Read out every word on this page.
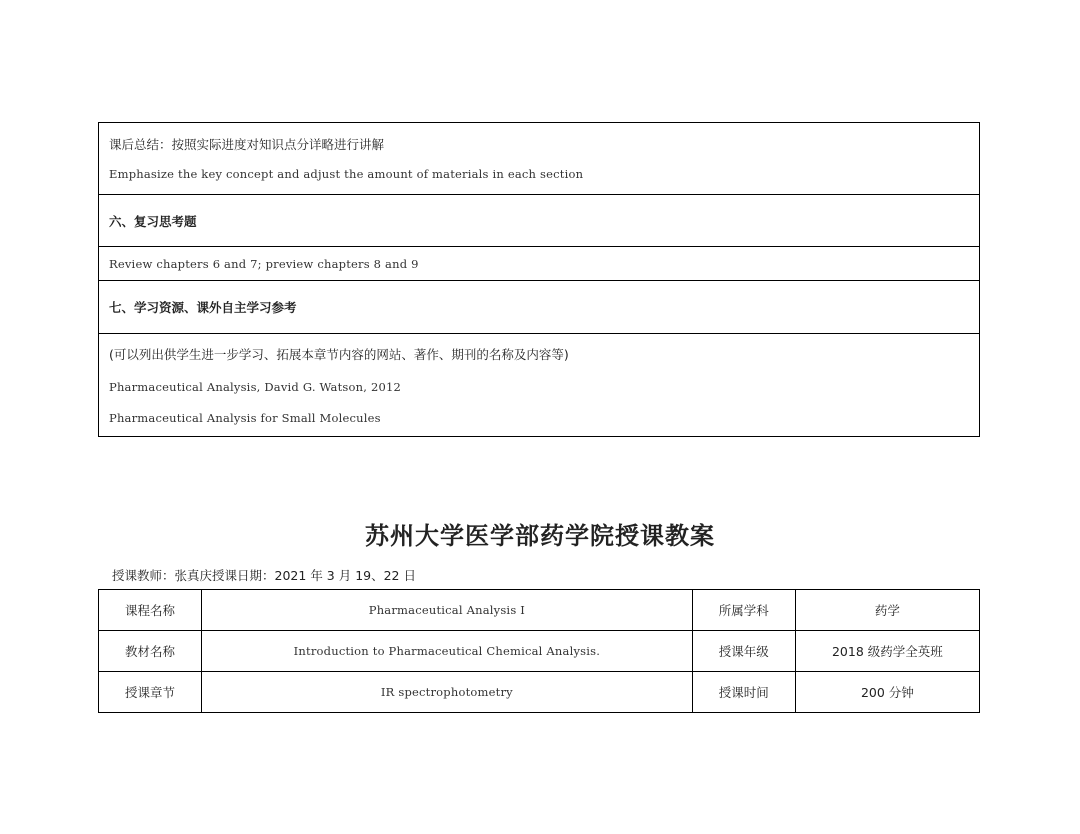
课后总结：按照实际进度对知识点分详略进行讲解
Emphasize the key concept and adjust the amount of materials in each section
六、复习思考题
Review chapters 6 and 7; preview chapters 8 and 9
七、学习资源、课外自主学习参考
(可以列出供学生进一步学习、拓展本章节内容的网站、著作、期刊的名称及内容等)
Pharmaceutical Analysis, David G. Watson, 2012
Pharmaceutical Analysis for Small Molecules
苏州大学医学部药学院授课教案
授课教师：张真庆授课日期：2021 年 3 月 19、22 日
课程名称	Pharmaceutical Analysis I	所属学科	药学
教材名称	Introduction to Pharmaceutical Chemical Analysis.	授课年级	2018 级药学全英班
授课章节	IR spectrophotometry	授课时间	200 分钟
